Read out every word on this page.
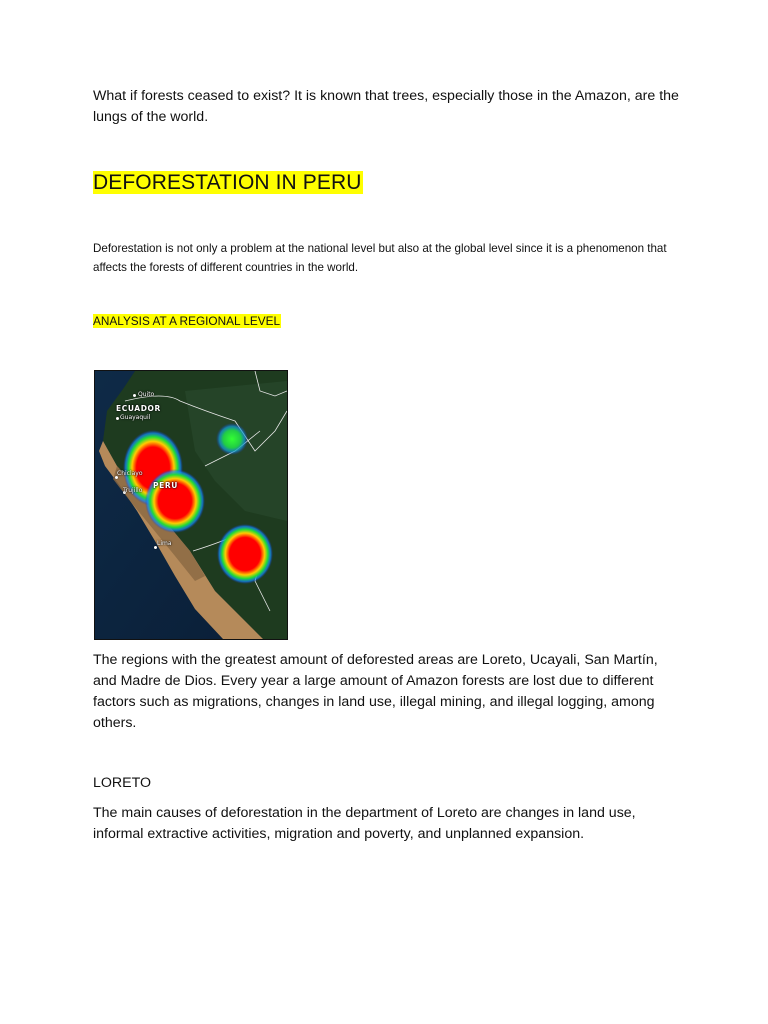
What if forests ceased to exist? It is known that trees, especially those in the Amazon, are the lungs of the world.

DEFORESTATION IN PERU

Deforestation is not only a problem at the national level but also at the global level since it is a phenomenon that affects the forests of different countries in the world.

ANALYSIS AT A REGIONAL LEVEL
Quito
ECUADOR
Guayaquil
Chiclayo
PERU
Trujillo
Lima

The regions with the greatest amount of deforested areas are Loreto, Ucayali, San Martín, and Madre de Dios. Every year a large amount of Amazon forests are lost due to different factors such as migrations, changes in land use, illegal mining, and illegal logging, among others.

LORETO

The main causes of deforestation in the department of Loreto are changes in land use, informal extractive activities, migration and poverty, and unplanned expansion.
